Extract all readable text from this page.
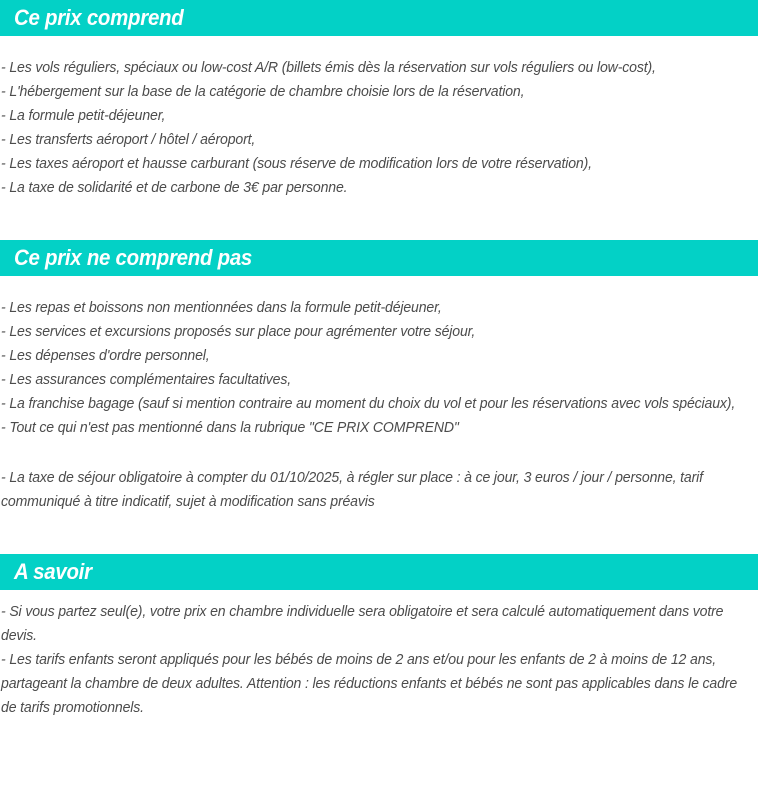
Ce prix comprend
- Les vols réguliers, spéciaux ou low-cost A/R (billets émis dès la réservation sur vols réguliers ou low-cost),
- L'hébergement sur la base de la catégorie de chambre choisie lors de la réservation,
- La formule petit-déjeuner,
- Les transferts aéroport / hôtel / aéroport,
- Les taxes aéroport et hausse carburant (sous réserve de modification lors de votre réservation),
- La taxe de solidarité et de carbone de 3€ par personne.
Ce prix ne comprend pas
- Les repas et boissons non mentionnées dans la formule petit-déjeuner,
- Les services et excursions proposés sur place pour agrémenter votre séjour,
- Les dépenses d'ordre personnel,
- Les assurances complémentaires facultatives,
- La franchise bagage (sauf si mention contraire au moment du choix du vol et pour les réservations avec vols spéciaux),
- Tout ce qui n'est pas mentionné dans la rubrique "CE PRIX COMPREND"
- La taxe de séjour obligatoire à compter du 01/10/2025, à régler sur place : à ce jour, 3 euros / jour / personne, tarif communiqué à titre indicatif, sujet à modification sans préavis
A savoir
- Si vous partez seul(e), votre prix en chambre individuelle sera obligatoire et sera calculé automatiquement dans votre devis.
- Les tarifs enfants seront appliqués pour les bébés de moins de 2 ans et/ou pour les enfants de 2 à moins de 12 ans, partageant la chambre de deux adultes. Attention : les réductions enfants et bébés ne sont pas applicables dans le cadre de tarifs promotionnels.
